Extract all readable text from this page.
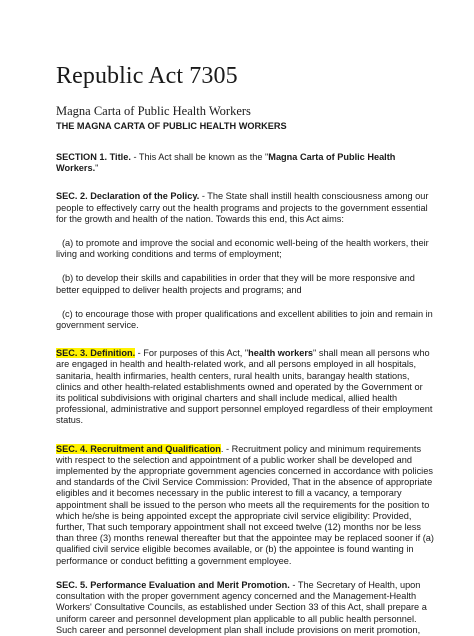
Republic Act 7305

Magna Carta of Public Health Workers

THE MAGNA CARTA OF PUBLIC HEALTH WORKERS

SECTION 1. Title. - This Act shall be known as the "Magna Carta of Public Health Workers."

SEC. 2. Declaration of the Policy. - The State shall instill health consciousness among our people to effectively carry out the health programs and projects to the government essential for the growth and health of the nation. Towards this end, this Act aims:

(a) to promote and improve the social and economic well-being of the health workers, their living and working conditions and terms of employment;

(b) to develop their skills and capabilities in order that they will be more responsive and better equipped to deliver health projects and programs; and

(c) to encourage those with proper qualifications and excellent abilities to join and remain in government service.

SEC. 3. Definition. - For purposes of this Act, "health workers" shall mean all persons who are engaged in health and health-related work, and all persons employed in all hospitals, sanitaria, health infirmaries, health centers, rural health units, barangay health stations, clinics and other health-related establishments owned and operated by the Government or its political subdivisions with original charters and shall include medical, allied health professional, administrative and support personnel employed regardless of their employment status.

SEC. 4. Recruitment and Qualification. - Recruitment policy and minimum requirements with respect to the selection and appointment of a public worker shall be developed and implemented by the appropriate government agencies concerned in accordance with policies and standards of the Civil Service Commission: Provided, That in the absence of appropriate eligibles and it becomes necessary in the public interest to fill a vacancy, a temporary appointment shall be issued to the person who meets all the requirements for the position to which he/she is being appointed except the appropriate civil service eligibility: Provided, further, That such temporary appointment shall not exceed twelve (12) months nor be less than three (3) months renewal thereafter but that the appointee may be replaced sooner if (a) qualified civil service eligible becomes available, or (b) the appointee is found wanting in performance or conduct befitting a government employee.

SEC. 5. Performance Evaluation and Merit Promotion. - The Secretary of Health, upon consultation with the proper government agency concerned and the Management-Health Workers' Consultative Councils, as established under Section 33 of this Act, shall prepare a uniform career and personnel development plan applicable to all public health personnel. Such career and personnel development plan shall include provisions on merit promotion,
